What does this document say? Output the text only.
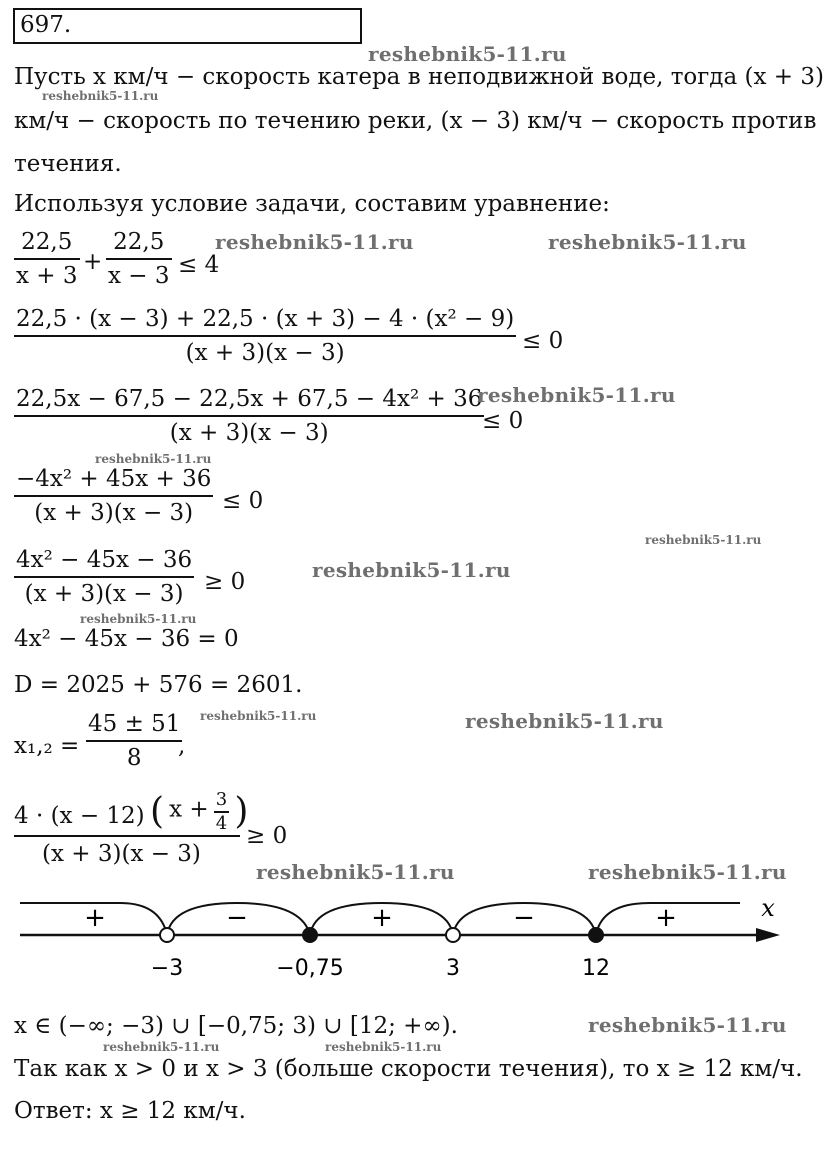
697.
Пусть x км/ч − скорость катера в неподвижной воде, тогда (x + 3)
км/ч − скорость по течению реки, (x − 3) км/ч − скорость против
течения.
Используя условие задачи, составим уравнение:
22,5
x + 3
+
22,5
x − 3 ≤ 4
22,5 · (x − 3) + 22,5 · (x + 3) − 4 · (x² − 9)
(x + 3)(x − 3)	≤ 0
22,5x − 67,5 − 22,5x + 67,5 − 4x² + 36
(x + 3)(x − 3)	≤ 0
−4x² + 45x + 36
(x + 3)(x − 3)	≤ 0
4x² − 45x − 36
(x + 3)(x − 3) ≥ 0
4x² − 45x − 36 = 0
D = 2025 + 576 = 2601.
x₁,₂ =
45 ± 51
8	,
4 · (x − 12) ( $x + \frac{3}{4}$ )
(x + 3)(x − 3)
≥ 0
+	−	+	−	+
−3	−0,75	3	12
x
x ∈ (−∞; −3) ∪ [−0,75; 3) ∪ [12; +∞).
Так как x > 0 и x > 3 (больше скорости течения), то x ≥ 12 км/ч.
Ответ: x ≥ 12 км/ч.
reshebnik5-11.ru
reshebnik5-11.ru
reshebnik5-11.ru	reshebnik5-11.ru
reshebnik5-11.ru
reshebnik5-11.ru
reshebnik5-11.ru
reshebnik5-11.ru
reshebnik5-11.ru
reshebnik5-11.ru	reshebnik5-11.ru
reshebnik5-11.ru	reshebnik5-11.ru
reshebnik5-11.ru
reshebnik5-11.ru	reshebnik5-11.ru
